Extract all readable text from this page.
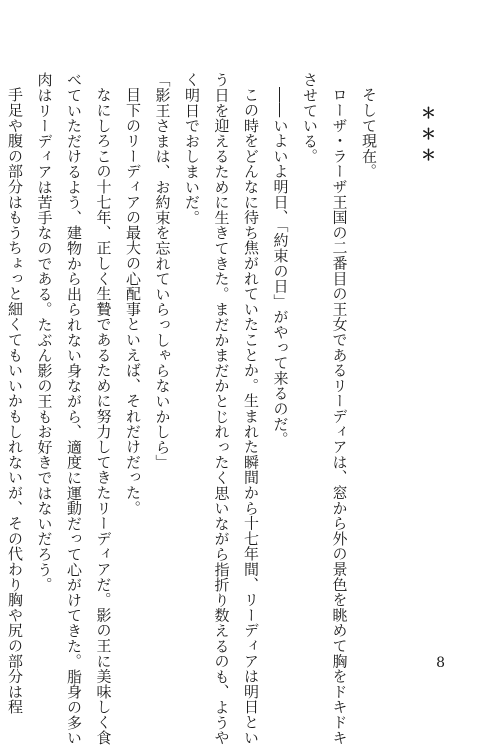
＊＊＊
そして現在。
ローザ・ラーザ王国の二番目の王女であるリーディアは、窓から外の景色を眺めて胸をドキドキ
させている。
――いよいよ明日、「約束の日」がやって来るのだ。
この時をどんなに待ち焦がれていたことか。生まれた瞬間から十七年間、リーディアは明日とい
う日を迎えるために生きてきた。まだかまだかとじれったく思いながら指折り数えるのも、ようや
く明日でおしまいだ。
「影王さまは、お約束を忘れていらっしゃらないかしら」
目下のリーディアの最大の心配事といえば、それだけだった。
なにしろこの十七年、正しく生贄であるために努力してきたリーディアだ。影の王に美味しく食
べていただけるよう、建物から出られない身ながら、適度に運動だって心がけてきた。脂身の多い
肉はリーディアは苦手なのである。たぶん影の王もお好きではないだろう。
手足や腹の部分はもうちょっと細くてもいいかもしれないが、その代わり胸や尻の部分は程	8
